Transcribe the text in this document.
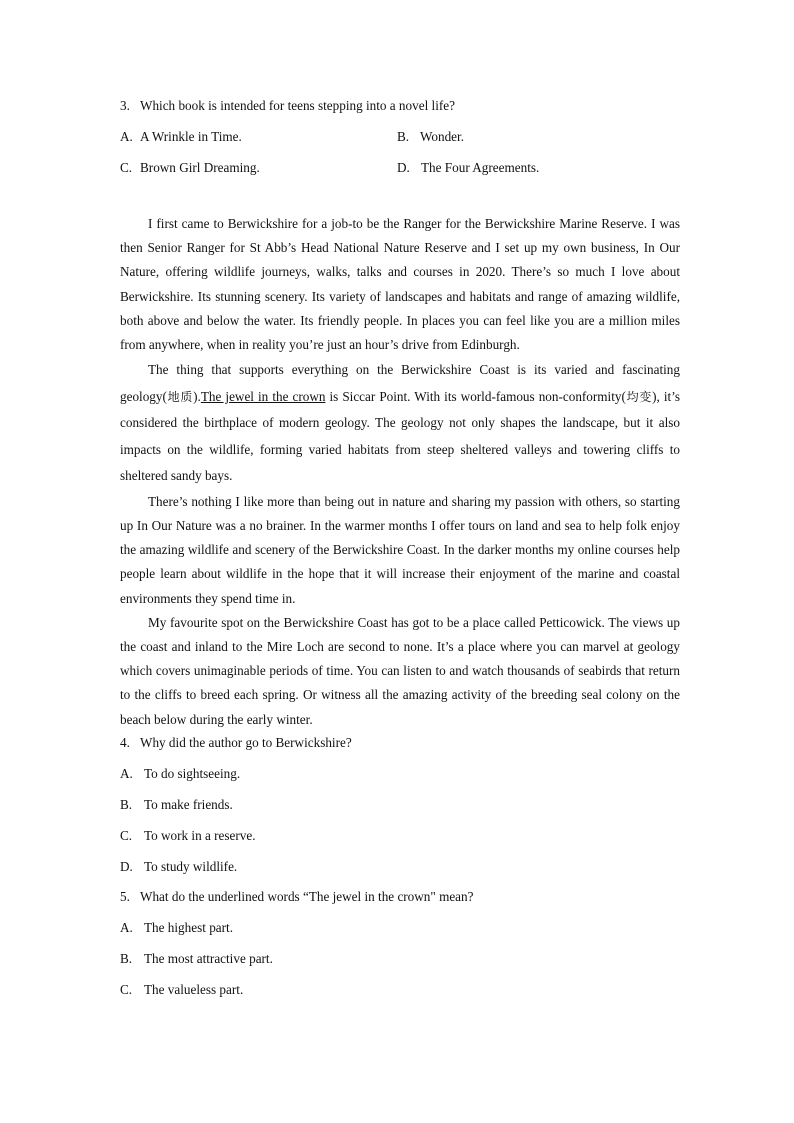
3. Which book is intended for teens stepping into a novel life?
A. A Wrinkle in Time.	B. Wonder.
C. Brown Girl Dreaming.	D. The Four Agreements.

I first came to Berwickshire for a job-to be the Ranger for the Berwickshire Marine Reserve. I was then Senior Ranger for St Abb’s Head National Nature Reserve and I set up my own business, In Our Nature, offering wildlife journeys, walks, talks and courses in 2020. There’s so much I love about Berwickshire. Its stunning scenery. Its variety of landscapes and habitats and range of amazing wildlife, both above and below the water. Its friendly people. In places you can feel like you are a million miles from anywhere, when in reality you’re just an hour’s drive from Edinburgh.

The thing that supports everything on the Berwickshire Coast is its varied and fascinating geology(地质).The jewel in the crown is Siccar Point. With its world-famous non-conformity(均变), it’s considered the birthplace of modern geology. The geology not only shapes the landscape, but it also impacts on the wildlife, forming varied habitats from steep sheltered valleys and towering cliffs to sheltered sandy bays.

There’s nothing I like more than being out in nature and sharing my passion with others, so starting up In Our Nature was a no brainer. In the warmer months I offer tours on land and sea to help folk enjoy the amazing wildlife and scenery of the Berwickshire Coast. In the darker months my online courses help people learn about wildlife in the hope that it will increase their enjoyment of the marine and coastal environments they spend time in.

My favourite spot on the Berwickshire Coast has got to be a place called Petticowick. The views up the coast and inland to the Mire Loch are second to none. It’s a place where you can marvel at geology which covers unimaginable periods of time. You can listen to and watch thousands of seabirds that return to the cliffs to breed each spring. Or witness all the amazing activity of the breeding seal colony on the beach below during the early winter.

4. Why did the author go to Berwickshire?
A. To do sightseeing.
B. To make friends.
C. To work in a reserve.
D. To study wildlife.
5. What do the underlined words “The jewel in the crown" mean?
A. The highest part.
B. The most attractive part.
C. The valueless part.
